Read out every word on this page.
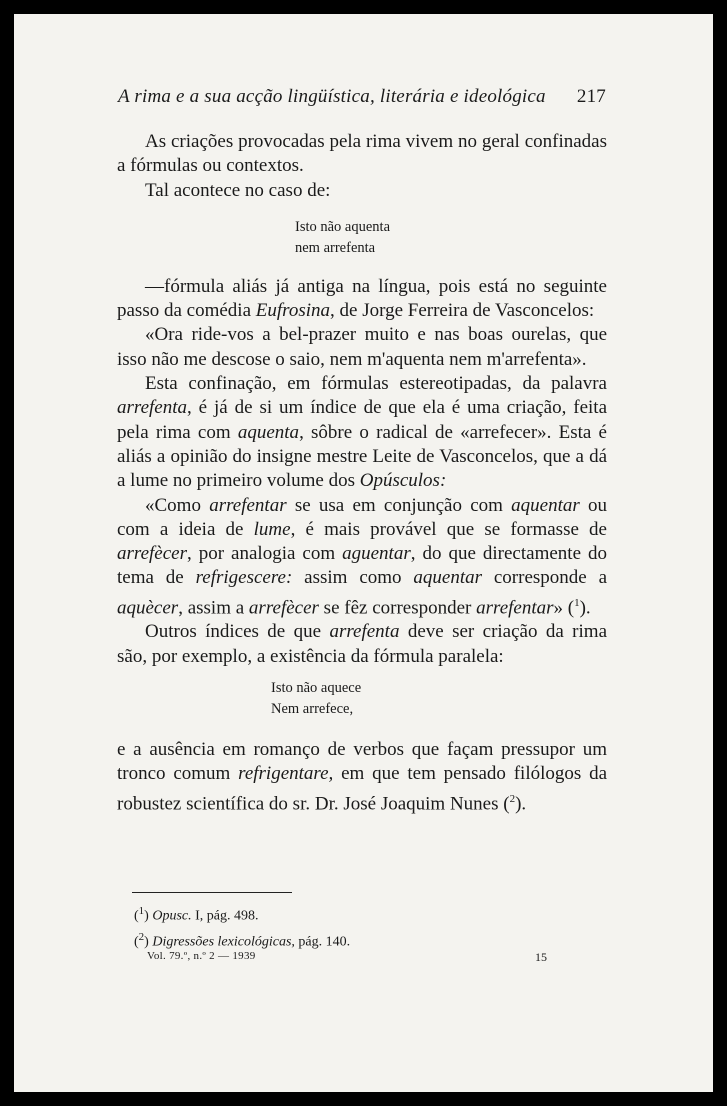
A rima e a sua acção lingüística, literária e ideológica 217

As criações provocadas pela rima vivem no geral confinadas a fórmulas ou contextos.

Tal acontece no caso de:

Isto não aquenta
nem arrefenta

—fórmula aliás já antiga na língua, pois está no seguinte passo da comédia Eufrosina, de Jorge Ferreira de Vasconcelos:

«Ora ride-vos a bel-prazer muito e nas boas ourelas, que isso não me descose o saio, nem m'aquenta nem m'arrefenta».

Esta confinação, em fórmulas estereotipadas, da palavra arrefenta, é já de si um índice de que ela é uma criação, feita pela rima com aquenta, sôbre o radical de «arrefecer». Esta é aliás a opinião do insigne mestre Leite de Vasconcelos, que a dá a lume no primeiro volume dos Opúsculos:

«Como arrefentar se usa em conjunção com aquentar ou com a ideia de lume, é mais provável que se formasse de arrefècer, por analogia com aguentar, do que directamente do tema de refrigescere: assim como aquentar corresponde a aquècer, assim a arrefècer se fêz corresponder arrefentar» ($^1$).

Outros índices de que arrefenta deve ser criação da rima são, por exemplo, a existência da fórmula paralela:

Isto não aquece
Nem arrefece,

e a ausência em romanço de verbos que façam pressupor um tronco comum refrigentare, em que tem pensado filólogos da robustez scientífica do sr. Dr. José Joaquim Nunes ($^2$).

($^1$) Opusc. I, pág. 498.

($^2$) Digressões lexicológicas, pág. 140.

Vol. 79.º, n.º 2 — 1939	15
